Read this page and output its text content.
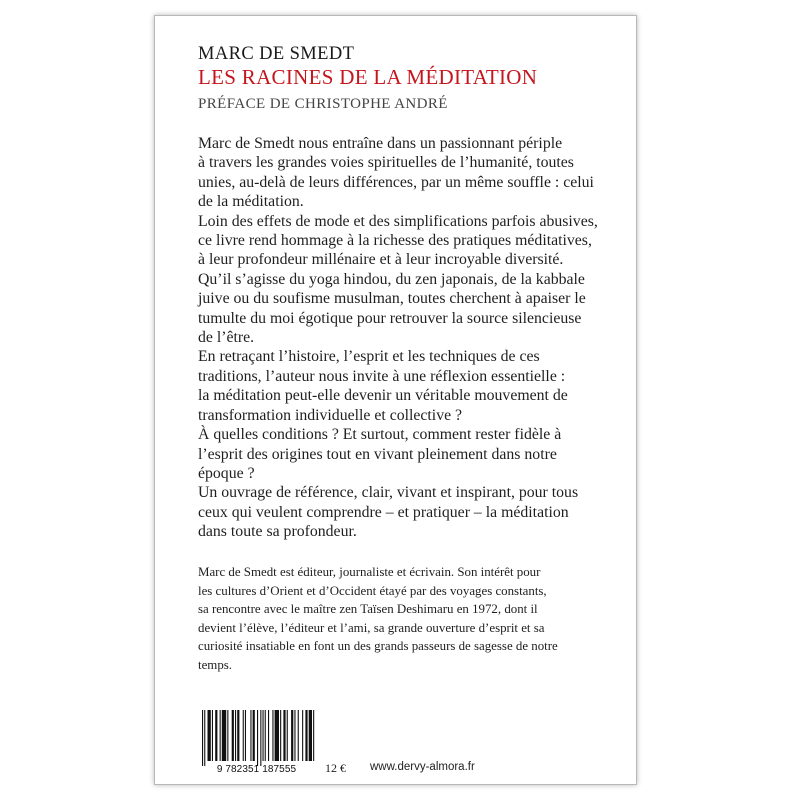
MARC DE SMEDT
LES RACINES DE LA MÉDITATION
PRÉFACE DE CHRISTOPHE ANDRÉ
Marc de Smedt nous entraîne dans un passionnant périple
à travers les grandes voies spirituelles de l’humanité, toutes
unies, au-delà de leurs différences, par un même souffle : celui
de la méditation.
Loin des effets de mode et des simplifications parfois abusives,
ce livre rend hommage à la richesse des pratiques méditatives,
à leur profondeur millénaire et à leur incroyable diversité.
Qu’il s’agisse du yoga hindou, du zen japonais, de la kabbale
juive ou du soufisme musulman, toutes cherchent à apaiser le
tumulte du moi égotique pour retrouver la source silencieuse
de l’être.
En retraçant l’histoire, l’esprit et les techniques de ces
traditions, l’auteur nous invite à une réflexion essentielle :
la méditation peut-elle devenir un véritable mouvement de
transformation individuelle et collective ?
À quelles conditions ? Et surtout, comment rester fidèle à
l’esprit des origines tout en vivant pleinement dans notre
époque ?
Un ouvrage de référence, clair, vivant et inspirant, pour tous
ceux qui veulent comprendre – et pratiquer – la méditation
dans toute sa profondeur.
Marc de Smedt est éditeur, journaliste et écrivain. Son intérêt pour
les cultures d’Orient et d’Occident étayé par des voyages constants,
sa rencontre avec le maître zen Taïsen Deshimaru en 1972, dont il
devient l’élève, l’éditeur et l’ami, sa grande ouverture d’esprit et sa
curiosité insatiable en font un des grands passeurs de sagesse de notre
temps.
9 782351 187555	12 € www.dervy-almora.fr
